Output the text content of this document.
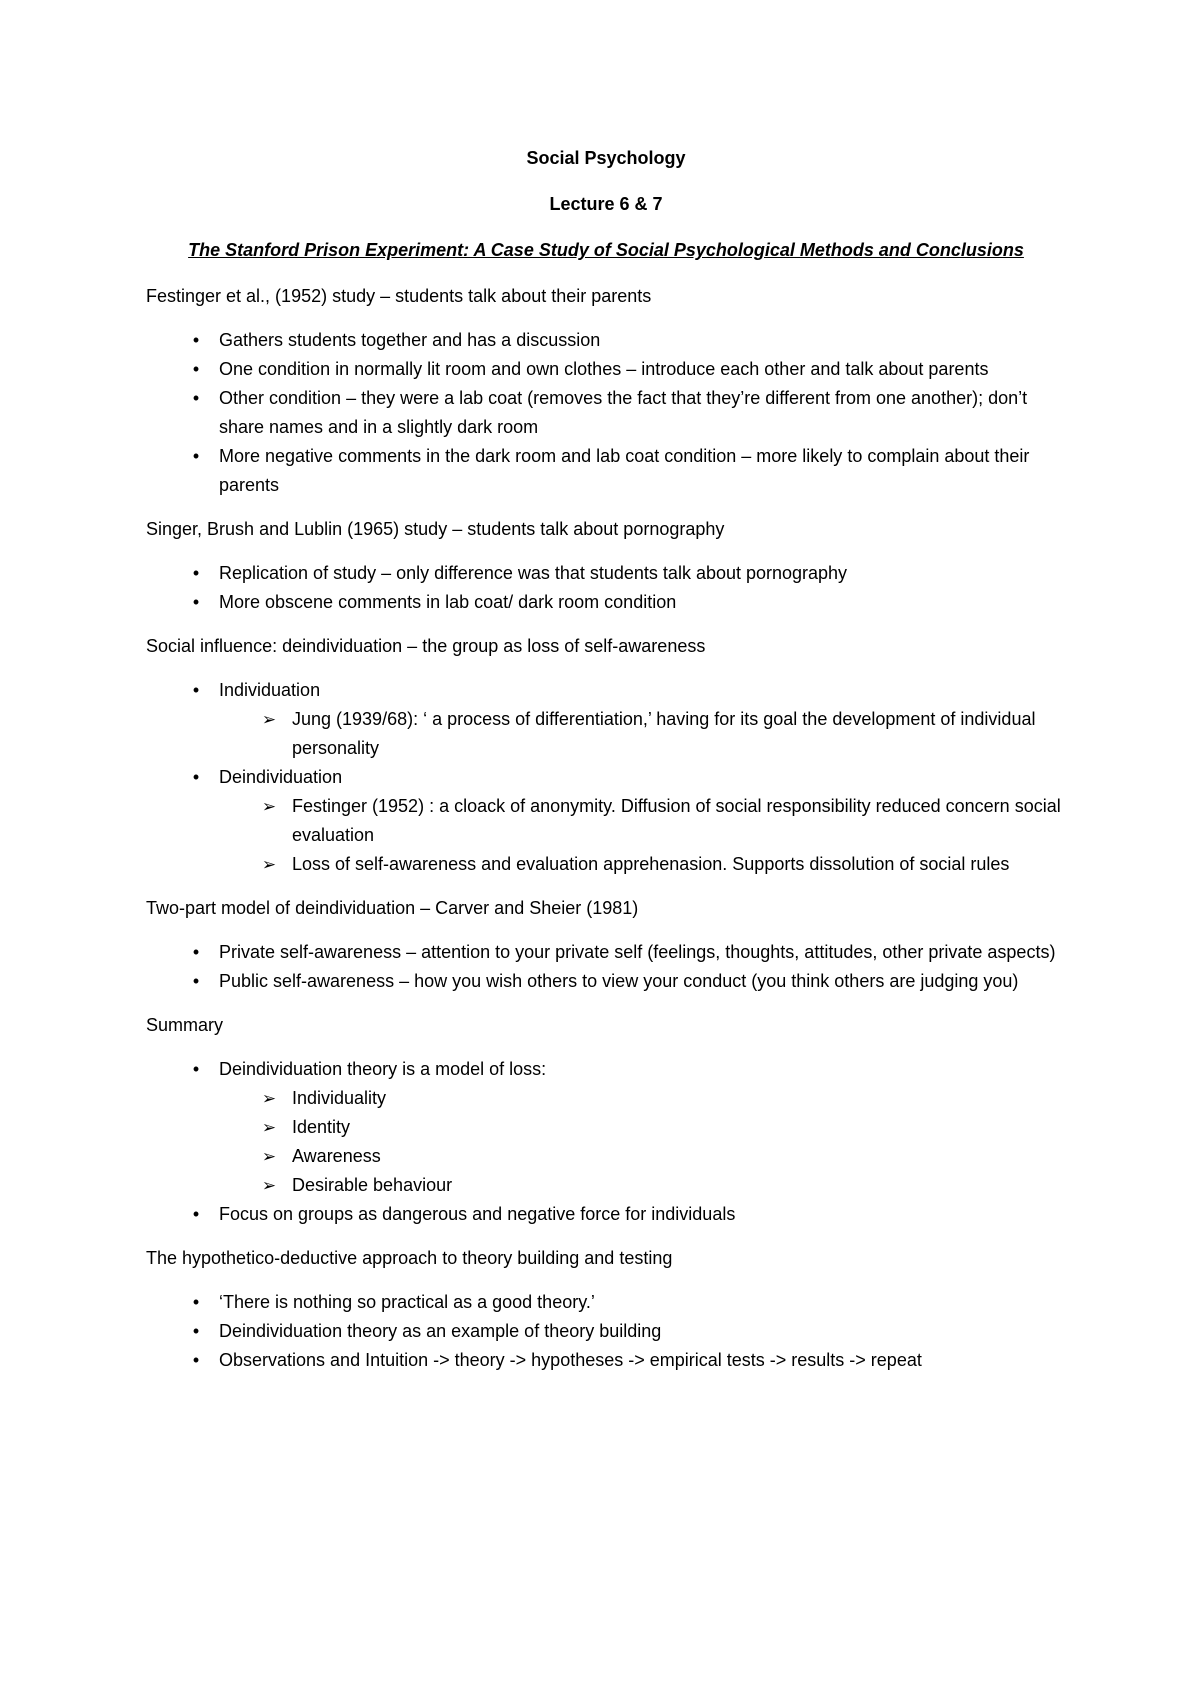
Social Psychology
Lecture 6 & 7
The Stanford Prison Experiment: A Case Study of Social Psychological Methods and Conclusions
Festinger et al., (1952) study – students talk about their parents
•	Gathers students together and has a discussion
•	One condition in normally lit room and own clothes – introduce each other and talk about parents
•	Other condition – they were a lab coat (removes the fact that they’re different from one another); don’t share names and in a slightly dark room
•	More negative comments in the dark room and lab coat condition – more likely to complain about their parents
Singer, Brush and Lublin (1965) study – students talk about pornography
•	Replication of study – only difference was that students talk about pornography
•	More obscene comments in lab coat/ dark room condition
Social influence: deindividuation – the group as loss of self-awareness
•	Individuation
➢ Jung (1939/68): ‘ a process of differentiation,’ having for its goal the development of individual personality
•	Deindividuation
➢ Festinger (1952) : a cloack of anonymity. Diffusion of social responsibility reduced concern social evaluation
➢ Loss of self-awareness and evaluation apprehenasion. Supports dissolution of social rules
Two-part model of deindividuation – Carver and Sheier (1981)
•	Private self-awareness – attention to your private self (feelings, thoughts, attitudes, other private aspects)
•	Public self-awareness – how you wish others to view your conduct (you think others are judging you)
Summary
•	Deindividuation theory is a model of loss:
➢ Individuality
➢ Identity
➢ Awareness
➢ Desirable behaviour
•	Focus on groups as dangerous and negative force for individuals
The hypothetico-deductive approach to theory building and testing
•	‘There is nothing so practical as a good theory.’
•	Deindividuation theory as an example of theory building
•	Observations and Intuition -> theory -> hypotheses -> empirical tests -> results -> repeat
